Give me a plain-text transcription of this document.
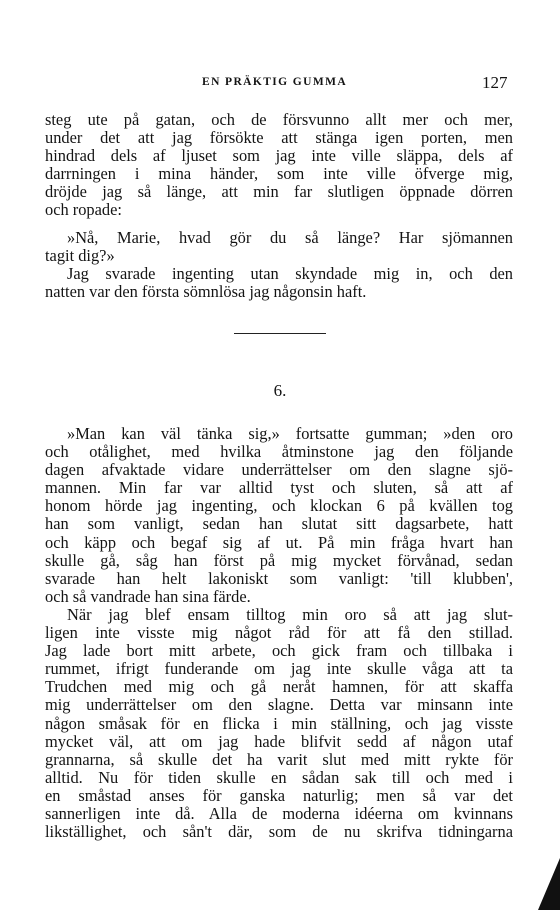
EN PRÄKTIG GUMMA	127
steg ute på gatan, och de försvunno allt mer och mer,
under det att jag försökte att stänga igen porten, men
hindrad dels af ljuset som jag inte ville släppa, dels af
darrningen i mina händer, som inte ville öfverge mig,
dröjde jag så länge, att min far slutligen öppnade dörren
och ropade:
»Nå, Marie, hvad gör du så länge? Har sjömannen
tagit dig?»
Jag svarade ingenting utan skyndade mig in, och den
natten var den första sömnlösa jag någonsin haft.
6.
»Man kan väl tänka sig,» fortsatte gumman; »den oro
och otålighet, med hvilka åtminstone jag den följande
dagen afvaktade vidare underrättelser om den slagne sjö-
mannen. Min far var alltid tyst och sluten, så att af
honom hörde jag ingenting, och klockan 6 på kvällen tog
han som vanligt, sedan han slutat sitt dagsarbete, hatt
och käpp och begaf sig af ut. På min fråga hvart han
skulle gå, såg han först på mig mycket förvånad, sedan
svarade han helt lakoniskt som vanligt: 'till klubben',
och så vandrade han sina färde.
När jag blef ensam tilltog min oro så att jag slut-
ligen inte visste mig något råd för att få den stillad.
Jag lade bort mitt arbete, och gick fram och tillbaka i
rummet, ifrigt funderande om jag inte skulle våga att ta
Trudchen med mig och gå neråt hamnen, för att skaffa
mig underrättelser om den slagne. Detta var minsann inte
någon småsak för en flicka i min ställning, och jag visste
mycket väl, att om jag hade blifvit sedd af någon utaf
grannarna, så skulle det ha varit slut med mitt rykte för
alltid. Nu för tiden skulle en sådan sak till och med i
en småstad anses för ganska naturlig; men så var det
sannerligen inte då. Alla de moderna idéerna om kvinnans
likställighet, och sån't där, som de nu skrifva tidningarna
